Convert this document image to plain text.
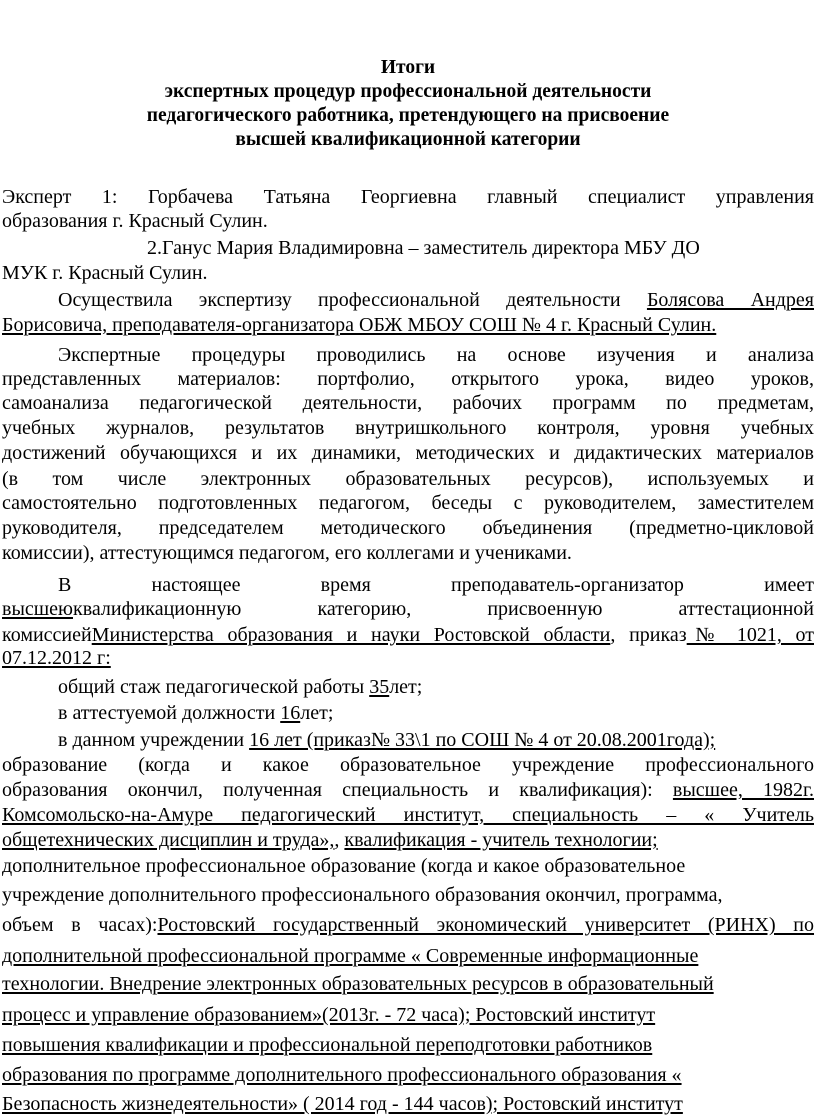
Итоги
экспертных процедур профессиональной деятельности
педагогического работника, претендующего на присвоение
высшей квалификационной категории
Эксперт 1: Горбачева Татьяна Георгиевна главный специалист управления
образования г. Красный Сулин.
2.Ганус Мария Владимировна – заместитель директора МБУ ДО
МУК г. Красный Сулин.
Осуществила экспертизу профессиональной деятельности Болясова Андрея
Борисовича, преподавателя-организатора ОБЖ МБОУ СОШ № 4 г. Красный Сулин.
Экспертные процедуры проводились на основе изучения и анализа
представленных материалов: портфолио, открытого урока, видео уроков,
самоанализа педагогической деятельности, рабочих программ по предметам,
учебных журналов, результатов внутришкольного контроля, уровня учебных
достижений обучающихся и их динамики, методических и дидактических материалов
(в том числе электронных образовательных ресурсов), используемых и
самостоятельно подготовленных педагогом, беседы с руководителем, заместителем
руководителя, председателем методического объединения (предметно-цикловой
комиссии), аттестующимся педагогом, его коллегами и учениками.
В настоящее время преподаватель-организатор имеет
высшеюквалификационную категорию, присвоенную аттестационной
комиссиейМинистерства образования и науки Ростовской области, приказ№ 1021, от
07.12.2012 г:
общий стаж педагогической работы 35лет;
в аттестуемой должности 16лет;
в данном учреждении 16 лет (приказ№ 33\1 по СОШ № 4 от 20.08.2001года);
образование (когда и какое образовательное учреждение профессионального
образования окончил, полученная специальность и квалификация): высшее, 1982г.
Комсомольско-на-Амуре педагогический институт, специальность – « Учитель
общетехнических дисциплин и труда»,, квалификация - учитель технологии;
дополнительное профессиональное образование (когда и какое образовательное
учреждение дополнительного профессионального образования окончил, программа,
объем в часах):Ростовский государственный экономический университет (РИНХ) по
дополнительной профессиональной программе « Современные информационные
технологии. Внедрение электронных образовательных ресурсов в образовательный
процесс и управление образованием»(2013г. - 72 часа); Ростовский институт
повышения квалификации и профессиональной переподготовки работников
образования по программе дополнительного профессионального образования «
Безопасность жизнедеятельности» ( 2014 год - 144 часов); Ростовский институт
